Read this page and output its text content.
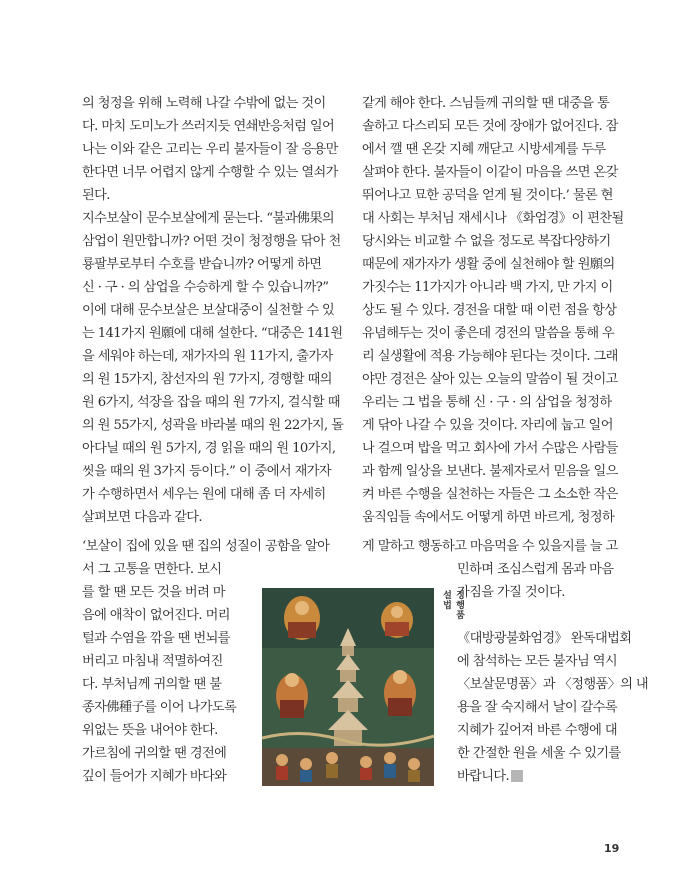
의 청정을 위해 노력해 나갈 수밖에 없는 것이
다. 마치 도미노가 쓰러지듯 연쇄반응처럼 일어
나는 이와 같은 고리는 우리 불자들이 잘 응용만
한다면 너무 어렵지 않게 수행할 수 있는 열쇠가
된다.
지수보살이 문수보살에게 묻는다. “불과佛果의
삼업이 원만합니까? 어떤 것이 청정행을 닦아 천
룡팔부로부터 수호를 받습니까? 어떻게 하면
신 · 구 · 의 삼업을 수승하게 할 수 있습니까?”
이에 대해 문수보살은 보살대중이 실천할 수 있
는 141가지 원願에 대해 설한다. “대중은 141원
을 세워야 하는데, 재가자의 원 11가지, 출가자
의 원 15가지, 참선자의 원 7가지, 경행할 때의
원 6가지, 석장을 잡을 때의 원 7가지, 걸식할 때
의 원 55가지, 성곽을 바라볼 때의 원 22가지, 돌
아다닐 때의 원 5가지, 경 읽을 때의 원 10가지,
씻을 때의 원 3가지 등이다.” 이 중에서 재가자
가 수행하면서 세우는 원에 대해 좀 더 자세히
살펴보면 다음과 같다.
‘보살이 집에 있을 땐 집의 성질이 공함을 알아
서 그 고통을 면한다. 보시
를 할 땐 모든 것을 버려 마
음에 애착이 없어진다. 머리
털과 수염을 깎을 땐 번뇌를
버리고 마침내 적멸하여진
다. 부처님께 귀의할 땐 불
종자佛種子를 이어 나가도록
위없는 뜻을 내어야 한다.
가르침에 귀의할 땐 경전에
깊이 들어가 지혜가 바다와
같게 해야 한다. 스님들께 귀의할 땐 대중을 통
솔하고 다스리되 모든 것에 장애가 없어진다. 잠
에서 깰 땐 온갖 지혜 깨닫고 시방세계를 두루
살펴야 한다. 불자들이 이같이 마음을 쓰면 온갖
뛰어나고 묘한 공덕을 얻게 될 것이다.’ 물론 현
대 사회는 부처님 재세시나 《화엄경》이 편찬될
당시와는 비교할 수 없을 정도로 복잡다양하기
때문에 재가자가 생활 중에 실천해야 할 원願의
가짓수는 11가지가 아니라 백 가지, 만 가지 이
상도 될 수 있다. 경전을 대할 때 이런 점을 항상
유념해두는 것이 좋은데 경전의 말씀을 통해 우
리 실생활에 적용 가능해야 된다는 것이다. 그래
야만 경전은 살아 있는 오늘의 말씀이 될 것이고
우리는 그 법을 통해 신 · 구 · 의 삼업을 청정하
게 닦아 나갈 수 있을 것이다. 자리에 눕고 일어
나 걸으며 밥을 먹고 회사에 가서 수많은 사람들
과 함께 일상을 보낸다. 불제자로서 믿음을 일으
켜 바른 수행을 실천하는 자들은 그 소소한 작은
움직임들 속에서도 어떻게 하면 바르게, 청정하
게 말하고 행동하고 마음먹을 수 있을지를 늘 고
민하며 조심스럽게 몸과 마음
가짐을 가질 것이다.
《대방광불화엄경》 완독대법회
에 참석하는 모든 불자님 역시
〈보살문명품〉과 〈정행품〉의 내
용을 잘 숙지해서 날이 갈수록
지혜가 깊어져 바른 수행에 대
한 간절한 원을 세울 수 있기를
바랍니다.
정행품
설법
19
